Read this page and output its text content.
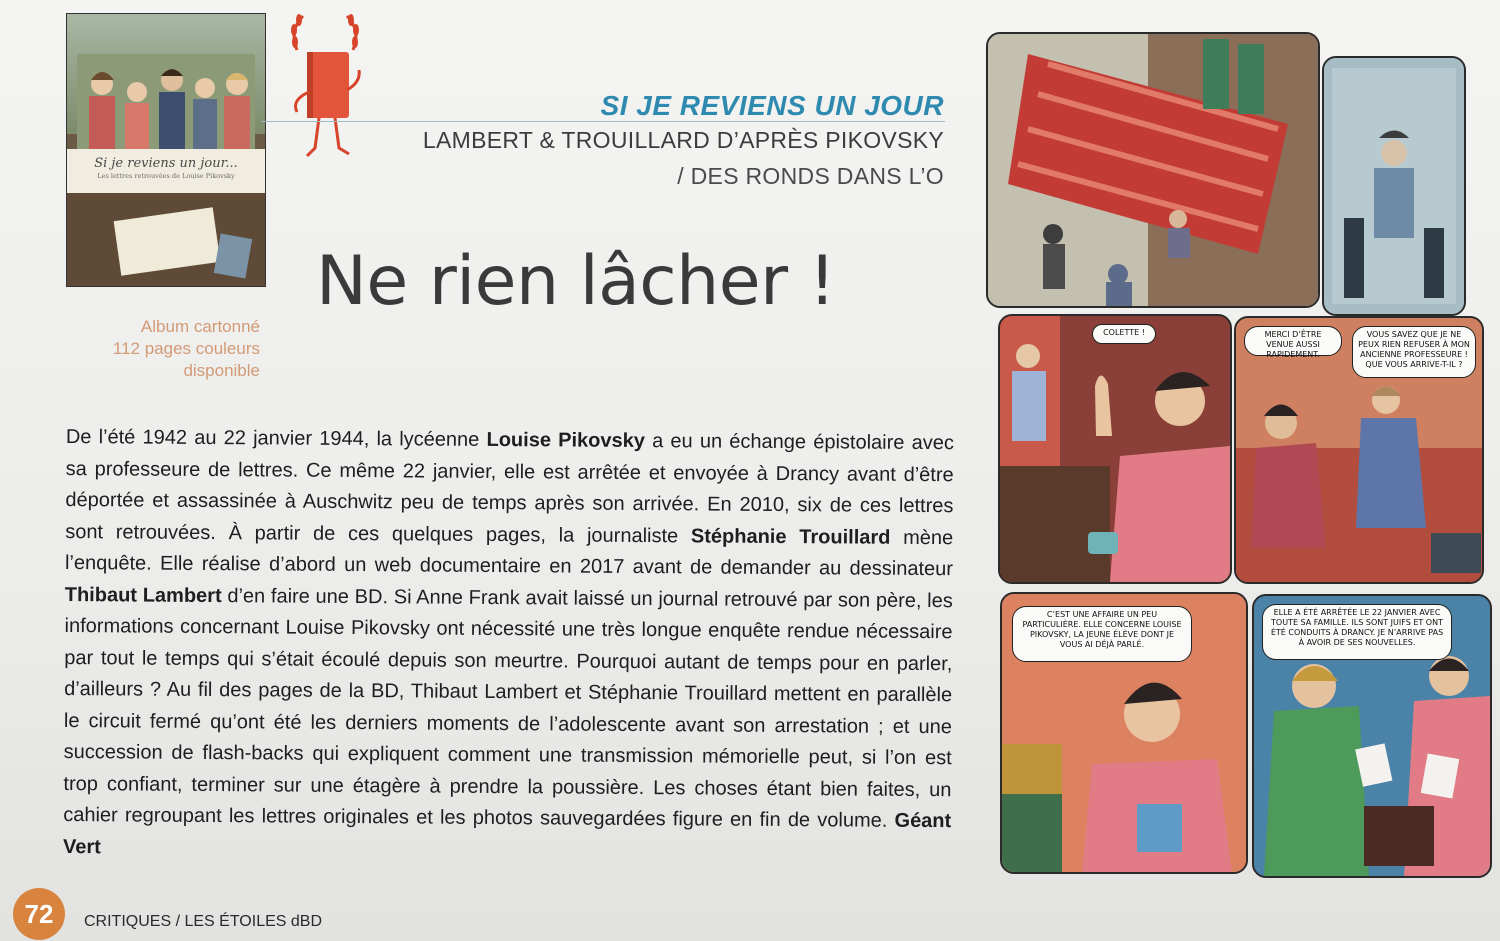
Si je reviens un jour...
Les lettres retrouvées de Louise Pikovsky
SI JE REVIENS UN JOUR
LAMBERT & TROUILLARD D’APRÈS PIKOVSKY
/ DES RONDS DANS L’O
Ne rien lâcher !
Album cartonné
112 pages couleurs
disponible

De l’été 1942 au 22 janvier 1944, la lycéenne Louise Pikovsky a eu un échange épistolaire avec sa professeure de lettres. Ce même 22 janvier, elle est arrêtée et envoyée à Drancy avant d’être déportée et assassinée à Auschwitz peu de temps après son arrivée. En 2010, six de ces lettres sont retrouvées. À partir de ces quelques pages, la journaliste Stéphanie Trouillard mène l’enquête. Elle réalise d’abord un web documentaire en 2017 avant de demander au dessinateur Thibaut Lambert d’en faire une BD. Si Anne Frank avait laissé un journal retrouvé par son père, les informations concernant Louise Pikovsky ont nécessité une très longue enquête rendue nécessaire par tout le temps qui s’était écoulé depuis son meurtre. Pourquoi autant de temps pour en parler, d’ailleurs ? Au fil des pages de la BD, Thibaut Lambert et Stéphanie Trouillard mettent en parallèle le circuit fermé qu’ont été les derniers moments de l’adolescente avant son arrestation ; et une succession de flash-backs qui expliquent comment une transmission mémorielle peut, si l’on est trop confiant, terminer sur une étagère à prendre la poussière. Les choses étant bien faites, un cahier regroupant les lettres originales et les photos sauvegardées figure en fin de volume. Géant Vert

72	CRITIQUES / LES ÉTOILES dBD
COLETTE !	MERCI D’ÊTRE VENUE AUSSI RAPIDEMENT.
VOUS SAVEZ QUE JE NE PEUX RIEN REFUSER À MON ANCIENNE PROFESSEURE ! QUE VOUS ARRIVE-T-IL ?
C’EST UNE AFFAIRE UN PEU PARTICULIÈRE. ELLE CONCERNE LOUISE PIKOVSKY, LA JEUNE ÉLÈVE DONT JE VOUS AI DÉJÀ PARLÉ.
ELLE A ÉTÉ ARRÊTÉE LE 22 JANVIER AVEC TOUTE SA FAMILLE. ILS SONT JUIFS ET ONT ÉTÉ CONDUITS À DRANCY. JE N’ARRIVE PAS À AVOIR DE SES NOUVELLES.
